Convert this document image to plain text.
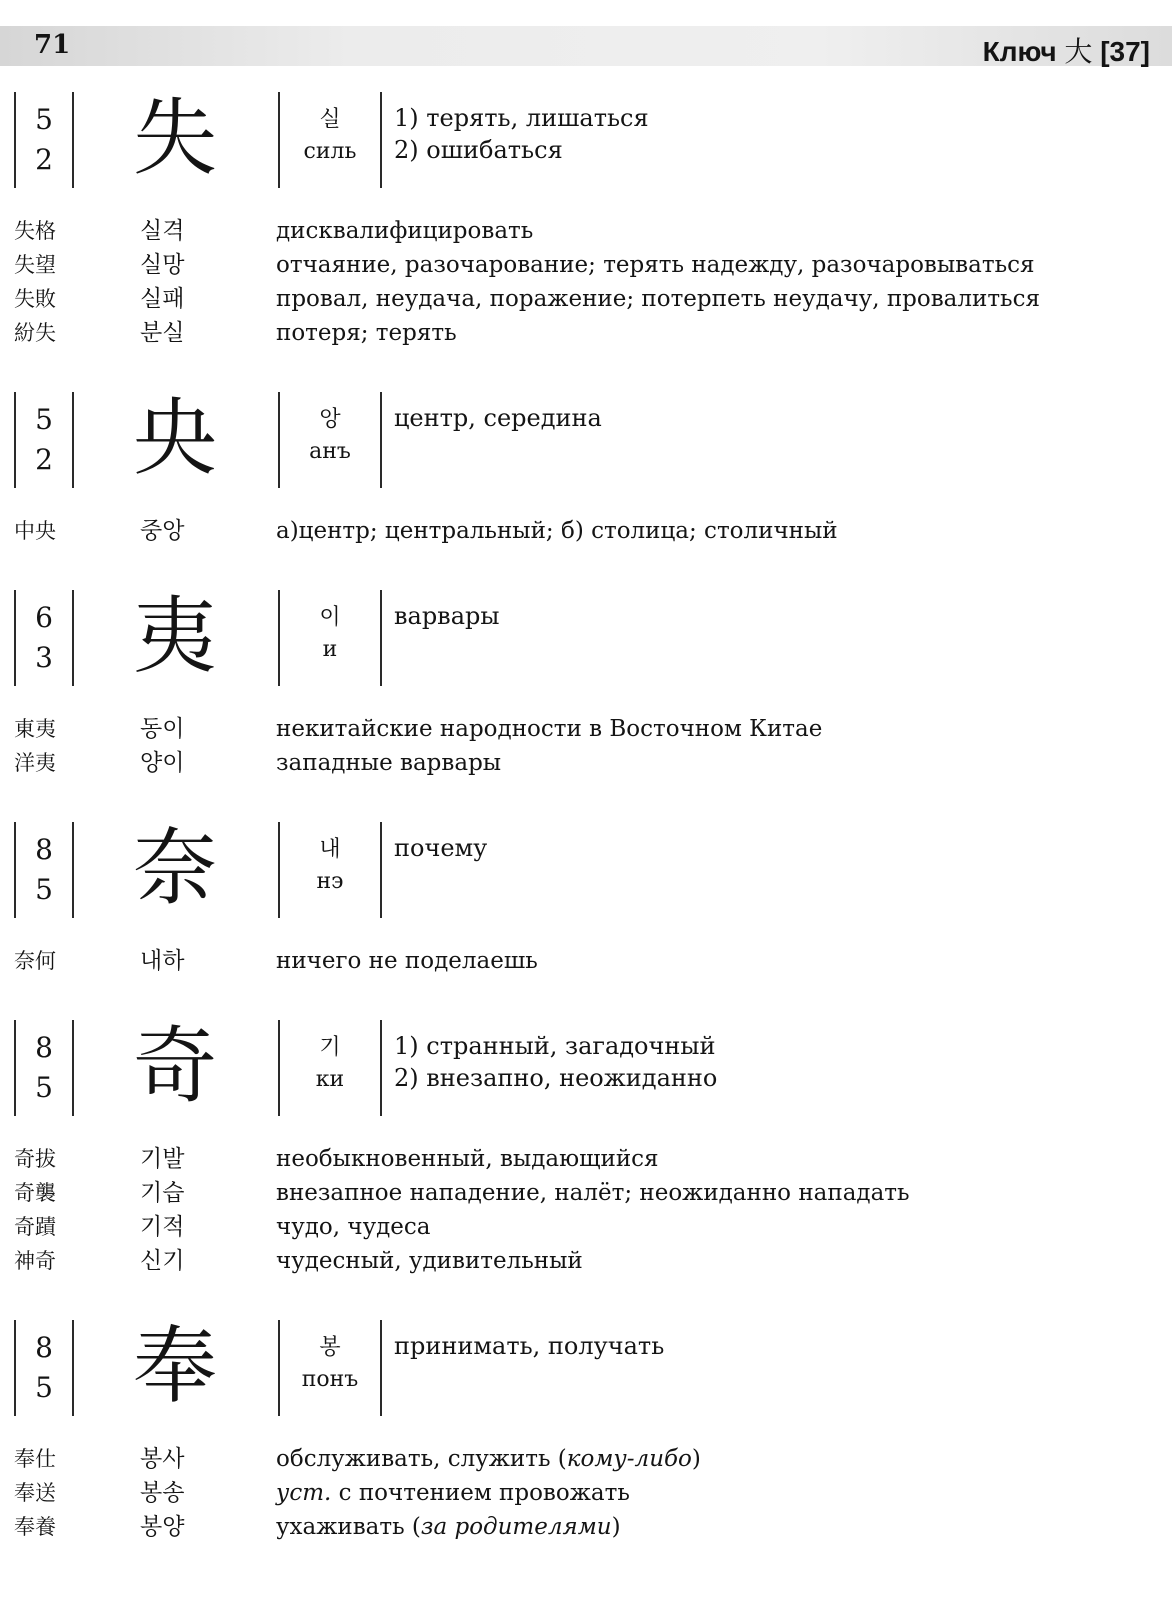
71	Ключ 大 [37]
5
2 失	실
силь
1) терять, лишаться
2) ошибаться
失格	실격	дисквалифицировать
失望	실망	отчаяние, разочарование; терять надежду, разочаровываться
失敗	실패	провал, неудача, поражение; потерпеть неудачу, провалиться
紛失	분실	потеря; терять
5
2 央	앙
анъ
центр, середина
中央	중앙	а)центр; центральный; б) столица; столичный
6
3 夷	이
и
варвары
東夷	동이	некитайские народности в Восточном Китае
洋夷	양이	западные варвары
8
5 奈	내
нэ
почему
奈何	내하	ничего не поделаешь
8
5 奇	기
ки
1) странный, загадочный
2) внезапно, неожиданно
奇拔	기발	необыкновенный, выдающийся
奇襲	기습	внезапное нападение, налёт; неожиданно нападать
奇蹟	기적	чудо, чудеса
神奇	신기	чудесный, удивительный
8
5 奉	봉
понъ
принимать, получать
奉仕	봉사	обслуживать, служить (кому-либо)
奉送	봉송	уст. с почтением провожать
奉養	봉양	ухаживать (за родителями)
